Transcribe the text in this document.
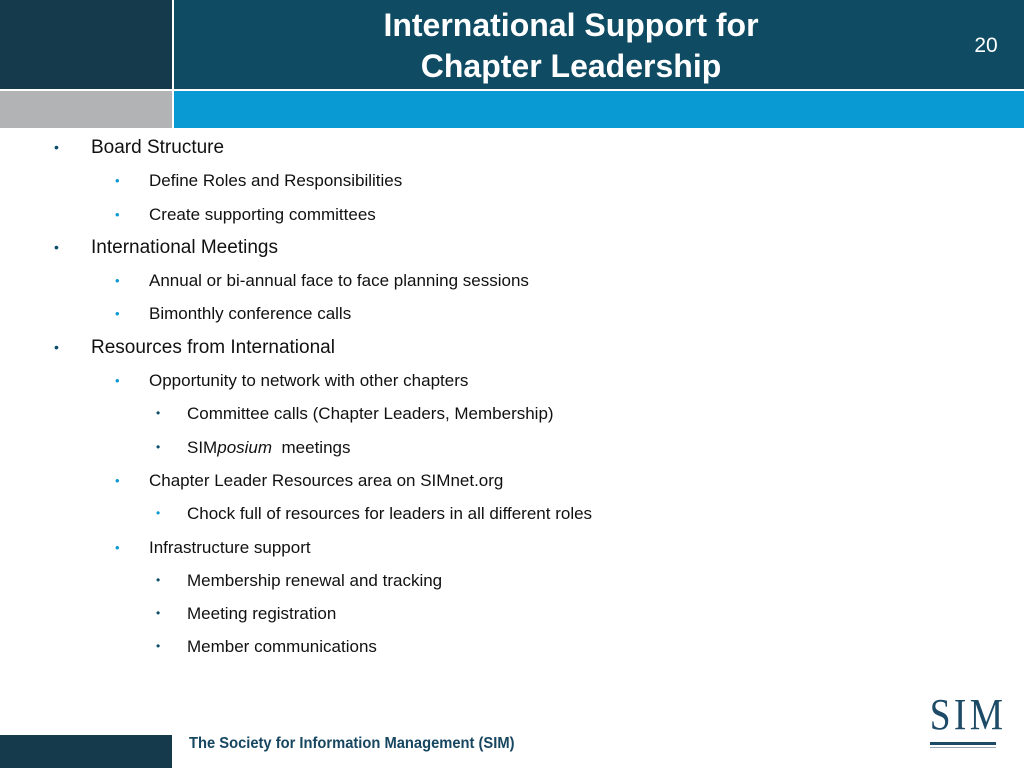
International Support for
Chapter Leadership
20
• Board Structure
• Define Roles and Responsibilities
• Create supporting committees
• International Meetings
• Annual or bi-annual face to face planning sessions
• Bimonthly conference calls
• Resources from International
• Opportunity to network with other chapters
• Committee calls (Chapter Leaders, Membership)
• SIMposium  meetings
• Chapter Leader Resources area on SIMnet.org
• Chock full of resources for leaders in all different roles
• Infrastructure support
• Membership renewal and tracking
• Meeting registration
• Member communications
The Society for Information Management (SIM)
SIM
